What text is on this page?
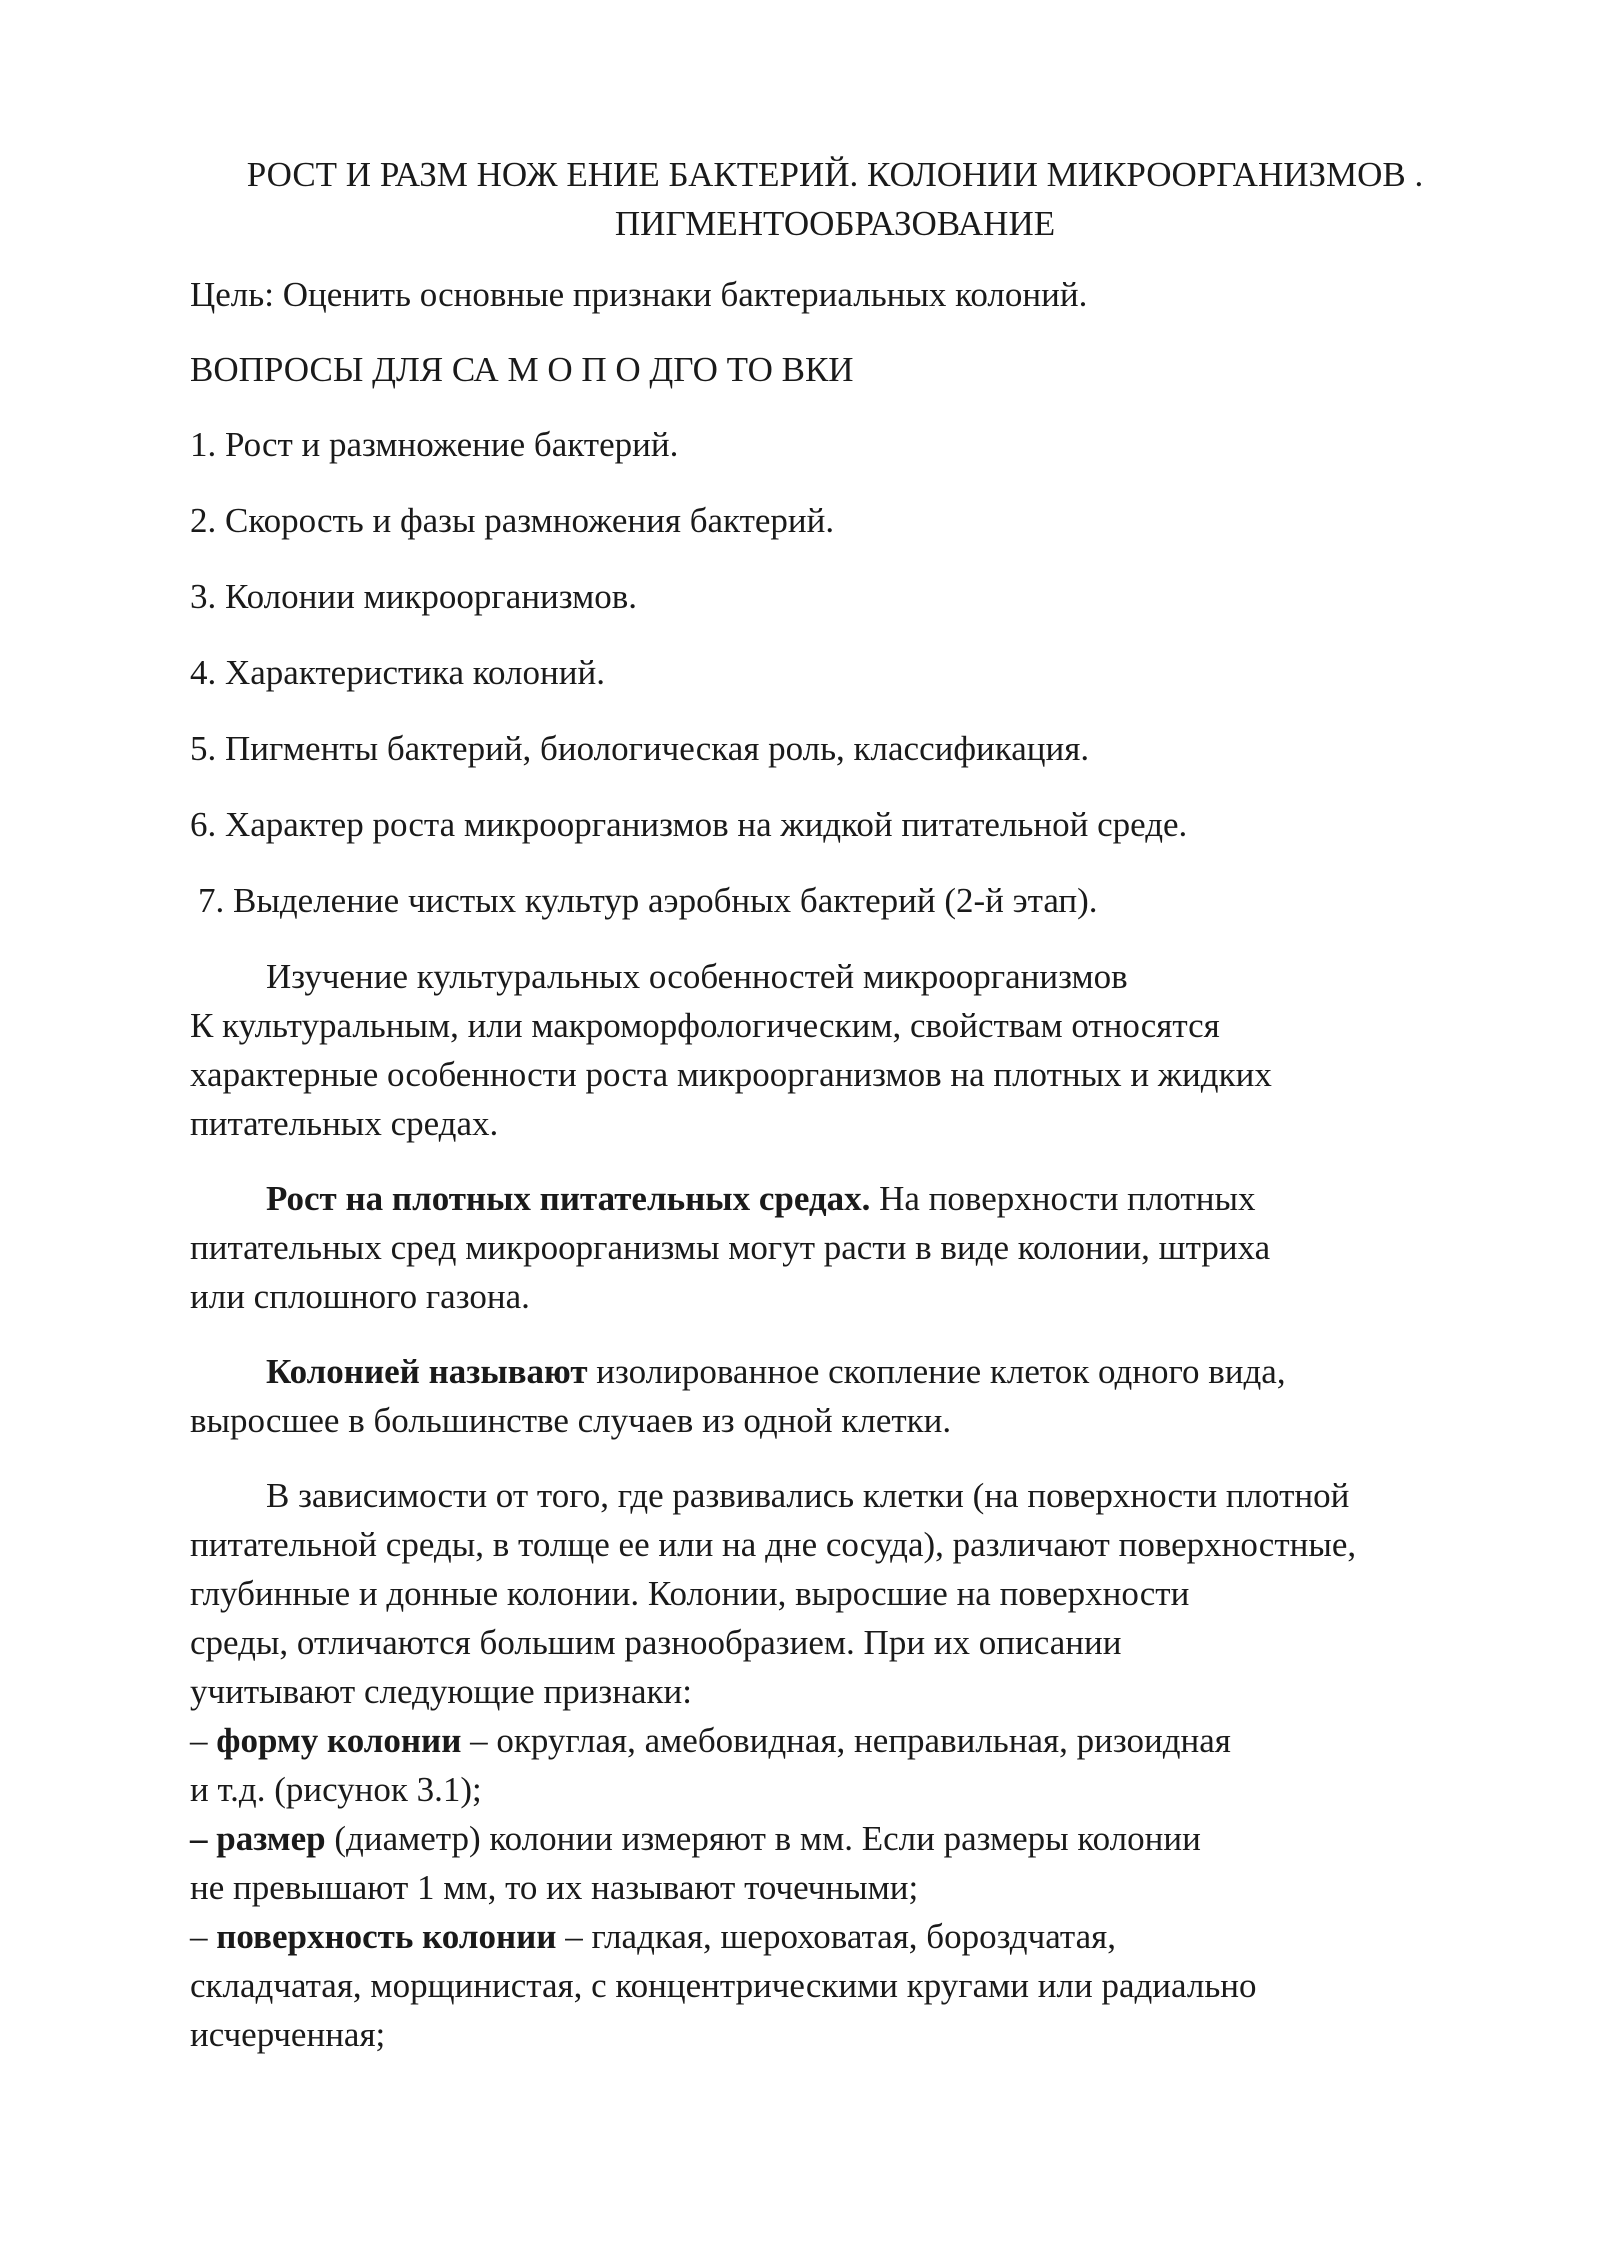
РОСТ И РАЗМ НОЖ ЕНИЕ БАКТЕРИЙ. КОЛОНИИ МИКРООРГАНИЗМОВ .
ПИГМЕНТООБРАЗОВАНИЕ

Цель: Оценить основные признаки бактериальных колоний.

ВОПРОСЫ ДЛЯ СА М О П О ДГО ТО ВКИ

1. Рост и размножение бактерий.
2. Скорость и фазы размножения бактерий.
3. Колонии микроорганизмов.
4. Характеристика колоний.
5. Пигменты бактерий, биологическая роль, классификация.
6. Характер роста микроорганизмов на жидкой питательной среде.
7. Выделение чистых культур аэробных бактерий (2-й этап).
Изучение культуральных особенностей микроорганизмов
К культуральным, или макроморфологическим, свойствам относятся
характерные особенности роста микроорганизмов на плотных и жидких
питательных средах.
Рост на плотных питательных средах. На поверхности плотных
питательных сред микроорганизмы могут расти в виде колонии, штриха
или сплошного газона.
Колонией называют изолированное скопление клеток одного вида,
выросшее в большинстве случаев из одной клетки.
В зависимости от того, где развивались клетки (на поверхности плотной
питательной среды, в толще ее или на дне сосуда), различают поверхностные,
глубинные и донные колонии. Колонии, выросшие на поверхности
среды, отличаются большим разнообразием. При их описании
учитывают следующие признаки:
– форму колонии – округлая, амебовидная, неправильная, ризоидная
и т.д. (рисунок 3.1);
– размер (диаметр) колонии измеряют в мм. Если размеры колонии
не превышают 1 мм, то их называют точечными;
– поверхность колонии – гладкая, шероховатая, бороздчатая,
складчатая, морщинистая, с концентрическими кругами или радиально
исчерченная;
